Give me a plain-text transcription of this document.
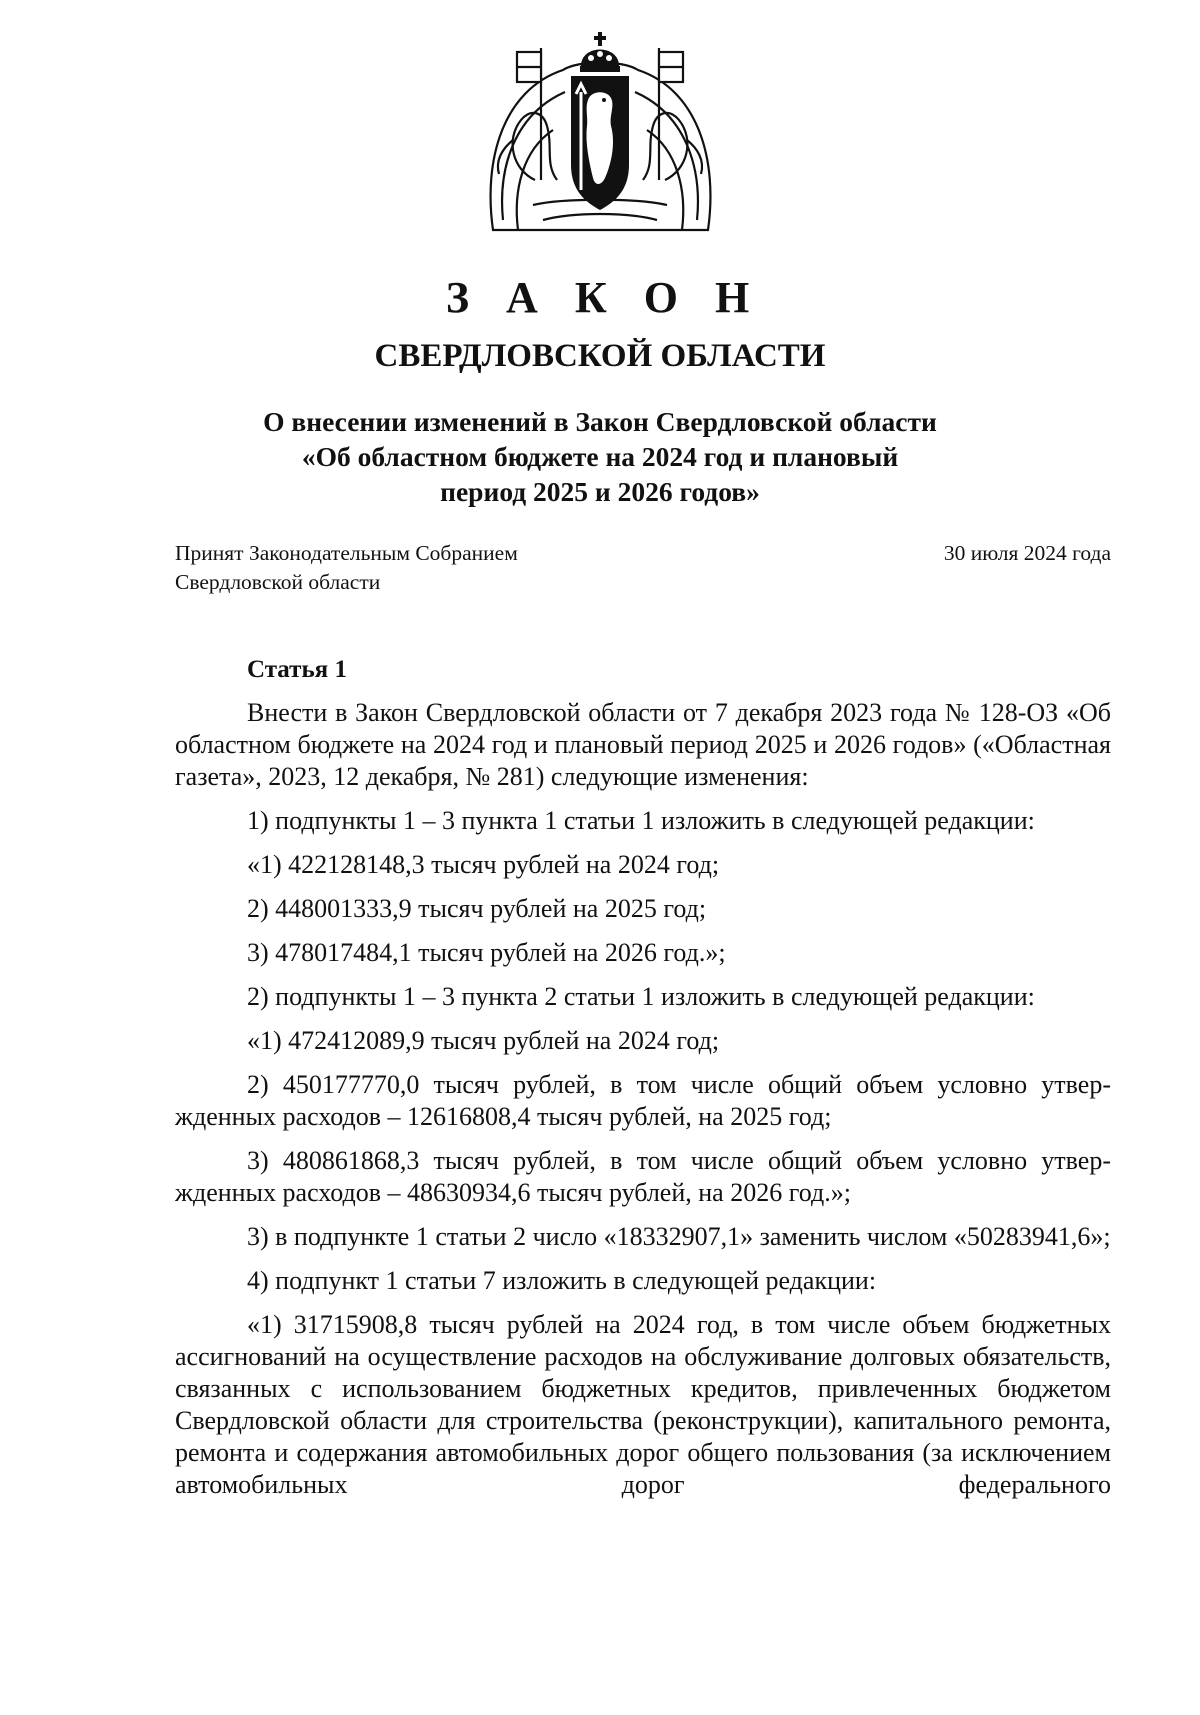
З А К О Н
СВЕРДЛОВСКОЙ ОБЛАСТИ
О внесении изменений в Закон Свердловской области
«Об областном бюджете на 2024 год и плановый
период 2025 и 2026 годов»
Принят Законодательным Собранием
Свердловской области
30 июля 2024 года
Статья 1

Внести в Закон Свердловской области от 7 декабря 2023 года № 128-ОЗ «Об областном бюджете на 2024 год и плановый период 2025 и 2026 годов» («Областная газета», 2023, 12 декабря, № 281) следующие изменения:

1) подпункты 1 – 3 пункта 1 статьи 1 изложить в следующей редакции:

«1) 422128148,3 тысяч рублей на 2024 год;

2) 448001333,9 тысяч рублей на 2025 год;

3) 478017484,1 тысяч рублей на 2026 год.»;

2) подпункты 1 – 3 пункта 2 статьи 1 изложить в следующей редакции:

«1) 472412089,9 тысяч рублей на 2024 год;

2) 450177770,0 тысяч рублей, в том числе общий объем условно утвержденных расходов – 12616808,4 тысяч рублей, на 2025 год;

3) 480861868,3 тысяч рублей, в том числе общий объем условно утвержденных расходов – 48630934,6 тысяч рублей, на 2026 год.»;

3) в подпункте 1 статьи 2 число «18332907,1» заменить числом «50283941,6»;

4) подпункт 1 статьи 7 изложить в следующей редакции:

«1) 31715908,8 тысяч рублей на 2024 год, в том числе объем бюджетных ассигнований на осуществление расходов на обслуживание долговых обязательств, связанных с использованием бюджетных кредитов, привлеченных бюджетом Свердловской области для строительства (реконструкции), капитального ремонта, ремонта и содержания автомобильных дорог общего пользования (за исключением автомобильных дорог федерального
